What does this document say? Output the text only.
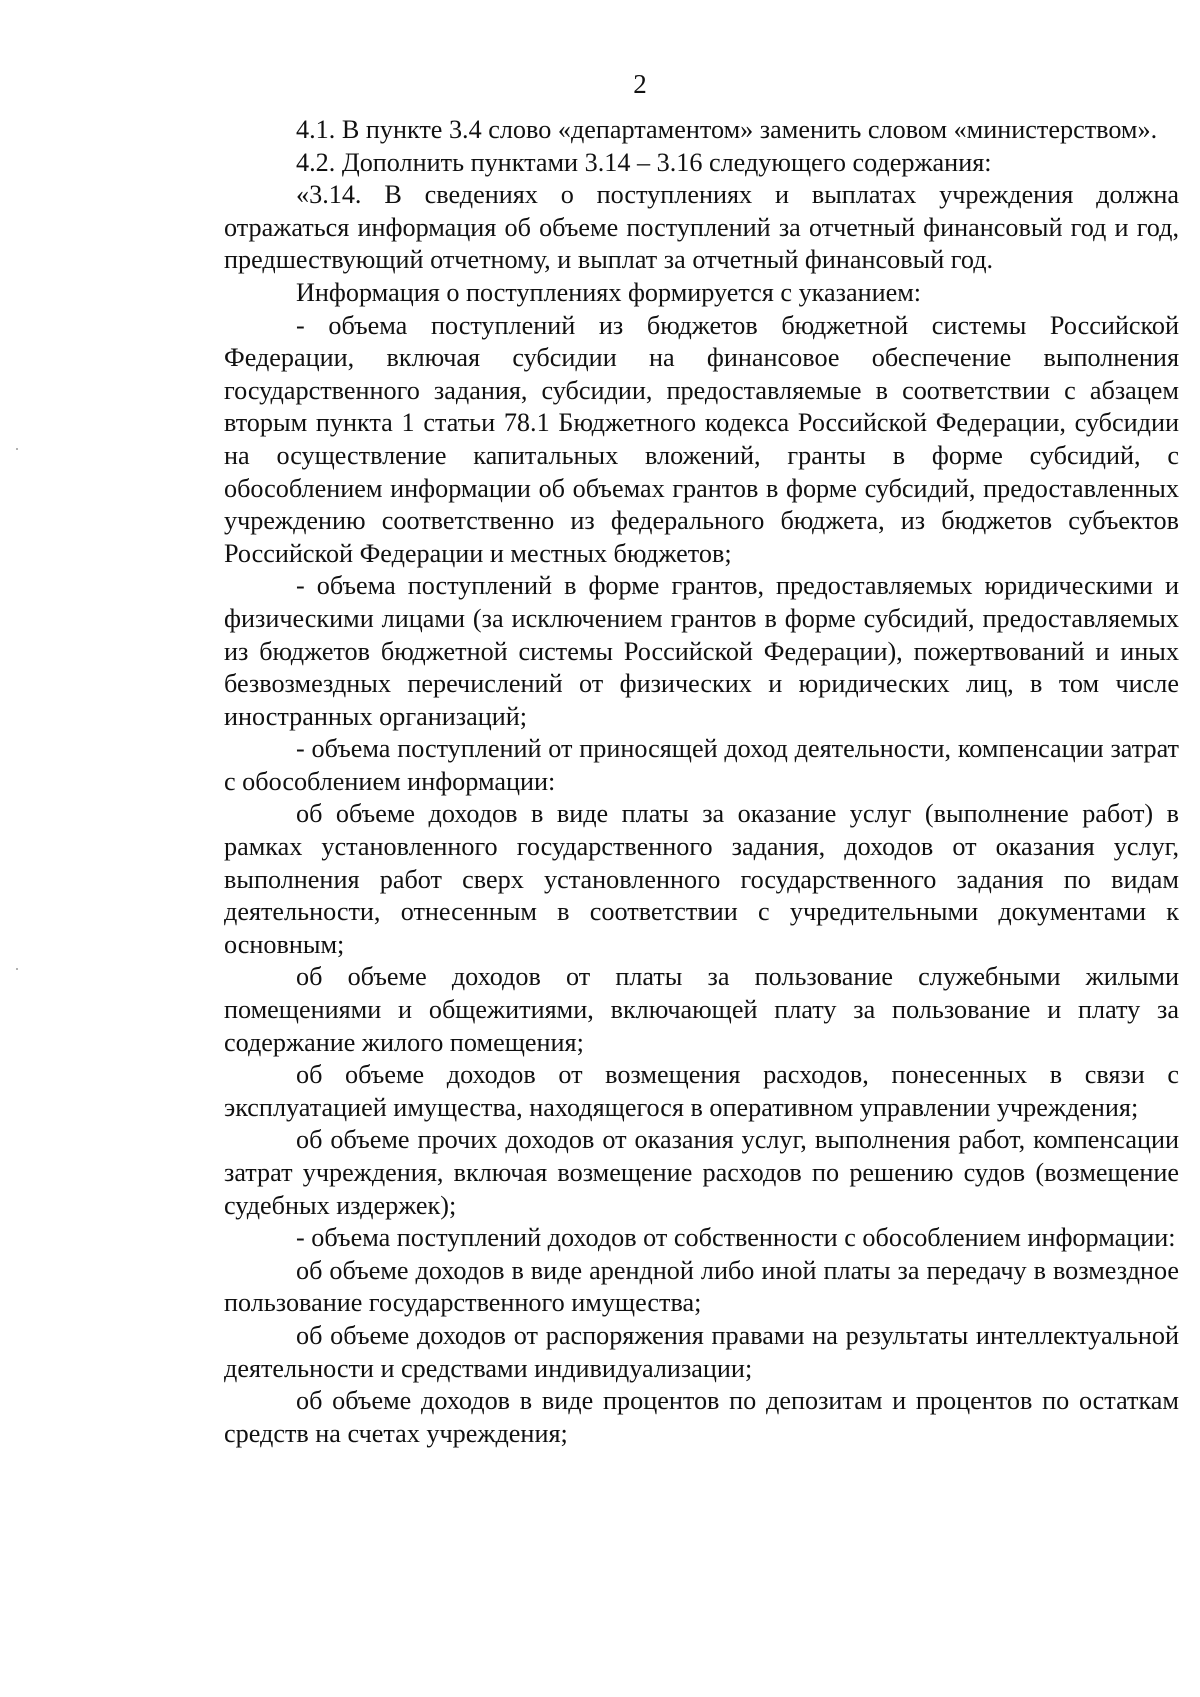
2

4.1. В пункте 3.4 слово «департаментом» заменить словом «министерством».

4.2. Дополнить пунктами 3.14 – 3.16 следующего содержания:

«3.14. В сведениях о поступлениях и выплатах учреждения должна отражаться информация об объеме поступлений за отчетный финансовый год и год, предшествующий отчетному, и выплат за отчетный финансовый год.

Информация о поступлениях формируется с указанием:

- объема поступлений из бюджетов бюджетной системы Российской Федерации, включая субсидии на финансовое обеспечение выполнения государственного задания, субсидии, предоставляемые в соответствии с абзацем вторым пункта 1 статьи 78.1 Бюджетного кодекса Российской Федерации, субсидии на осуществление капитальных вложений, гранты в форме субсидий, с обособлением информации об объемах грантов в форме субсидий, предоставленных учреждению соответственно из федерального бюджета, из бюджетов субъектов Российской Федерации и местных бюджетов;

- объема поступлений в форме грантов, предоставляемых юридическими и физическими лицами (за исключением грантов в форме субсидий, предоставляемых из бюджетов бюджетной системы Российской Федерации), пожертвований и иных безвозмездных перечислений от физических и юридических лиц, в том числе иностранных организаций;

- объема поступлений от приносящей доход деятельности, компенсации затрат с обособлением информации:

об объеме доходов в виде платы за оказание услуг (выполнение работ) в рамках установленного государственного задания, доходов от оказания услуг, выполнения работ сверх установленного государственного задания по видам деятельности, отнесенным в соответствии с учредительными документами к основным;

об объеме доходов от платы за пользование служебными жилыми помещениями и общежитиями, включающей плату за пользование и плату за содержание жилого помещения;

об объеме доходов от возмещения расходов, понесенных в связи с эксплуатацией имущества, находящегося в оперативном управлении учреждения;

об объеме прочих доходов от оказания услуг, выполнения работ, компенсации затрат учреждения, включая возмещение расходов по решению судов (возмещение судебных издержек);

- объема поступлений доходов от собственности с обособлением информации:

об объеме доходов в виде арендной либо иной платы за передачу в возмездное пользование государственного имущества;

об объеме доходов от распоряжения правами на результаты интеллектуальной деятельности и средствами индивидуализации;

об объеме доходов в виде процентов по депозитам и процентов по остаткам средств на счетах учреждения;
